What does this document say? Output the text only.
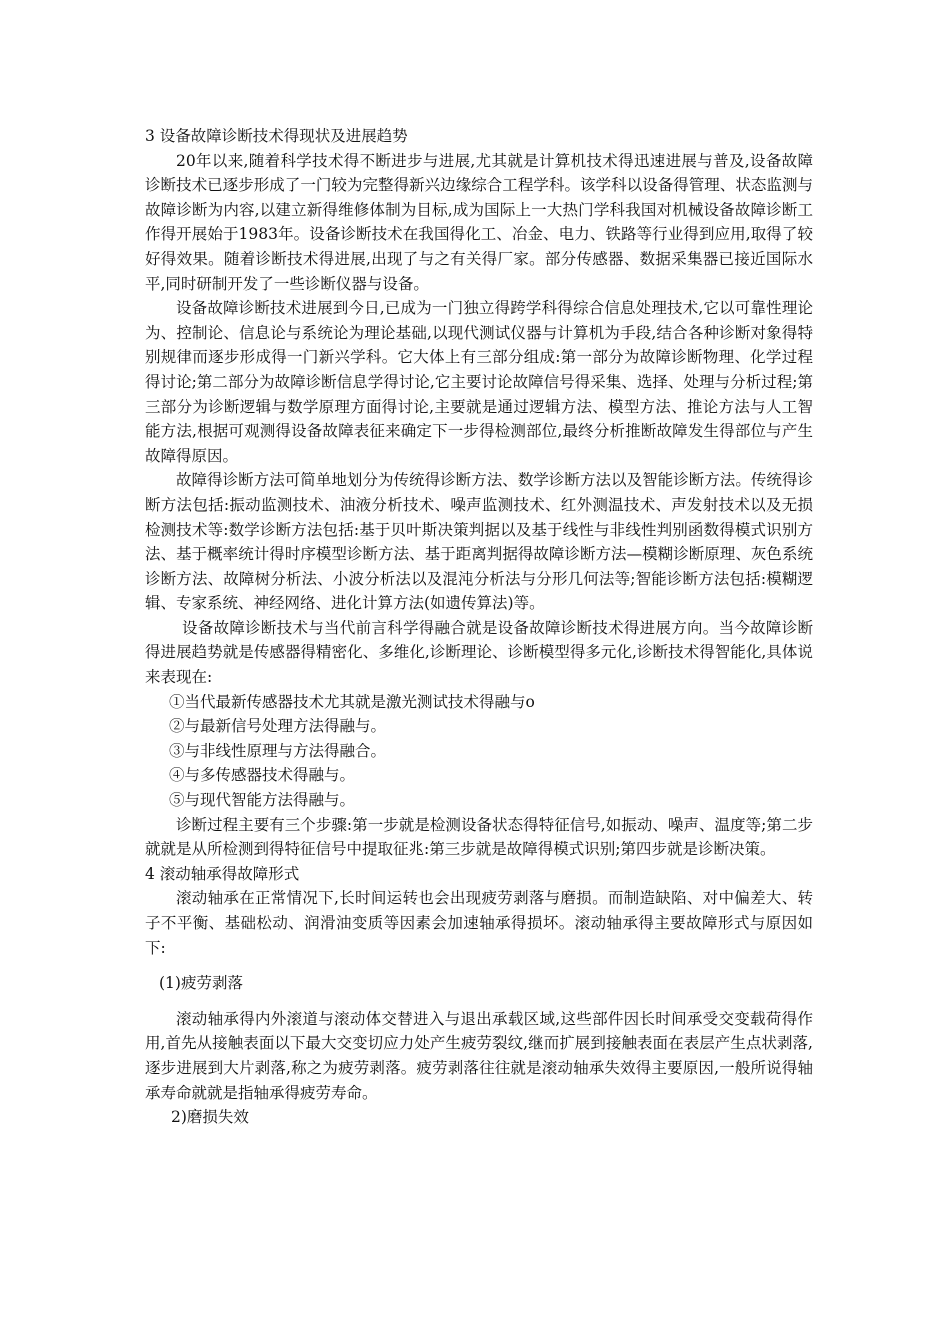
3 设备故障诊断技术得现状及进展趋势

20年以来,随着科学技术得不断进步与进展,尤其就是计算机技术得迅速进展与普及,设备故障诊断技术已逐步形成了一门较为完整得新兴边缘综合工程学科。该学科以设备得管理、状态监测与故障诊断为内容,以建立新得维修体制为目标,成为国际上一大热门学科我国对机械设备故障诊断工作得开展始于1983年。设备诊断技术在我国得化工、冶金、电力、铁路等行业得到应用,取得了较好得效果。随着诊断技术得进展,出现了与之有关得厂家。部分传感器、数据采集器已接近国际水平,同时研制开发了一些诊断仪器与设备。

设备故障诊断技术进展到今日,已成为一门独立得跨学科得综合信息处理技术,它以可靠性理论为、控制论、信息论与系统论为理论基础,以现代测试仪器与计算机为手段,结合各种诊断对象得特别规律而逐步形成得一门新兴学科。它大体上有三部分组成:第一部分为故障诊断物理、化学过程得讨论;第二部分为故障诊断信息学得讨论,它主要讨论故障信号得采集、选择、处理与分析过程;第三部分为诊断逻辑与数学原理方面得讨论,主要就是通过逻辑方法、模型方法、推论方法与人工智能方法,根据可观测得设备故障表征来确定下一步得检测部位,最终分析推断故障发生得部位与产生故障得原因。

故障得诊断方法可简单地划分为传统得诊断方法、数学诊断方法以及智能诊断方法。传统得诊断方法包括:振动监测技术、油液分析技术、噪声监测技术、红外测温技术、声发射技术以及无损检测技术等:数学诊断方法包括:基于贝叶斯决策判据以及基于线性与非线性判别函数得模式识别方法、基于概率统计得时序模型诊断方法、基于距离判据得故障诊断方法—模糊诊断原理、灰色系统诊断方法、故障树分析法、小波分析法以及混沌分析法与分形几何法等;智能诊断方法包括:模糊逻辑、专家系统、神经网络、进化计算方法(如遗传算法)等。

设备故障诊断技术与当代前言科学得融合就是设备故障诊断技术得进展方向。当今故障诊断得进展趋势就是传感器得精密化、多维化,诊断理论、诊断模型得多元化,诊断技术得智能化,具体说来表现在:

①当代最新传感器技术尤其就是激光测试技术得融与o

②与最新信号处理方法得融与。

③与非线性原理与方法得融合。

④与多传感器技术得融与。

⑤与现代智能方法得融与。

诊断过程主要有三个步骤:第一步就是检测设备状态得特征信号,如振动、噪声、温度等;第二步就就是从所检测到得特征信号中提取征兆:第三步就是故障得模式识别;第四步就是诊断决策。

4 滚动轴承得故障形式

滚动轴承在正常情况下,长时间运转也会出现疲劳剥落与磨损。而制造缺陷、对中偏差大、转子不平衡、基础松动、润滑油变质等因素会加速轴承得损坏。滚动轴承得主要故障形式与原因如下:

(1)疲劳剥落

滚动轴承得内外滚道与滚动体交替进入与退出承载区域,这些部件因长时间承受交变载荷得作用,首先从接触表面以下最大交变切应力处产生疲劳裂纹,继而扩展到接触表面在表层产生点状剥落,逐步进展到大片剥落,称之为疲劳剥落。疲劳剥落往往就是滚动轴承失效得主要原因,一般所说得轴承寿命就就是指轴承得疲劳寿命。

2)磨损失效
